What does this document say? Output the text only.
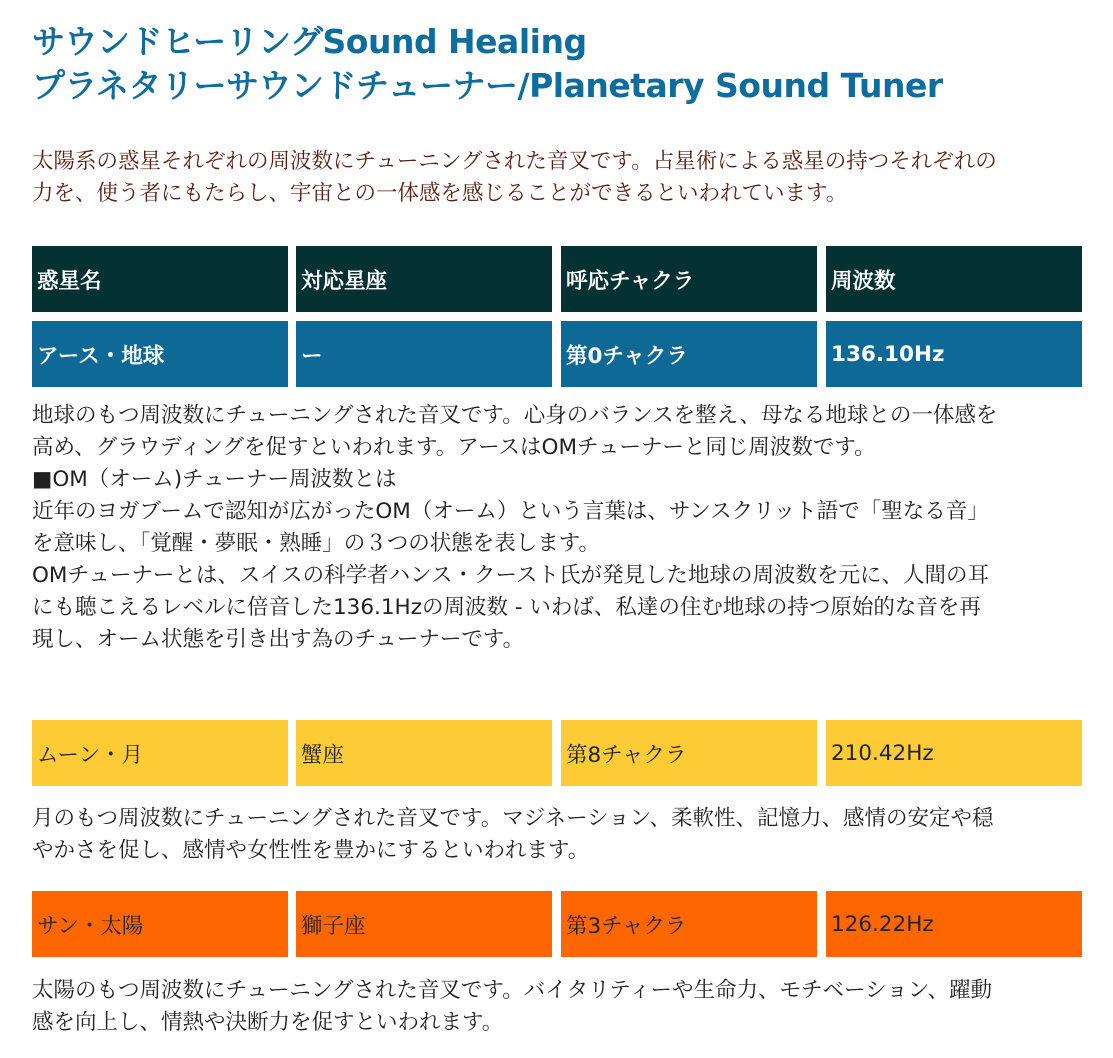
サウンドヒーリングSound Healing
プラネタリーサウンドチューナー/Planetary Sound Tuner

太陽系の惑星それぞれの周波数にチューニングされた音叉です。占星術による惑星の持つそれぞれの
力を、使う者にもたらし、宇宙との一体感を感じることができるといわれています。

惑星名	対応星座	呼応チャクラ	周波数
アース・地球	ー	第0チャクラ	136.10Hz

地球のもつ周波数にチューニングされた音叉です。心身のバランスを整え、母なる地球との一体感を
高め、グラウディングを促すといわれます。アースはOMチューナーと同じ周波数です。
■OM（オーム)チューナー周波数とは
近年のヨガブームで認知が広がったOM（オーム）という言葉は、サンスクリット語で「聖なる音」
を意味し、「覚醒・夢眠・熟睡」の３つの状態を表します。
OMチューナーとは、スイスの科学者ハンス・クースト氏が発見した地球の周波数を元に、人間の耳
にも聴こえるレベルに倍音した136.1Hzの周波数 - いわば、私達の住む地球の持つ原始的な音を再
現し、オーム状態を引き出す為のチューナーです。

ムーン・月	蟹座	第8チャクラ	210.42Hz

月のもつ周波数にチューニングされた音叉です。マジネーション、柔軟性、記憶力、感情の安定や穏
やかさを促し、感情や女性性を豊かにするといわれます。

サン・太陽	獅子座	第3チャクラ	126.22Hz

太陽のもつ周波数にチューニングされた音叉です。バイタリティーや生命力、モチベーション、躍動
感を向上し、情熱や決断力を促すといわれます。
